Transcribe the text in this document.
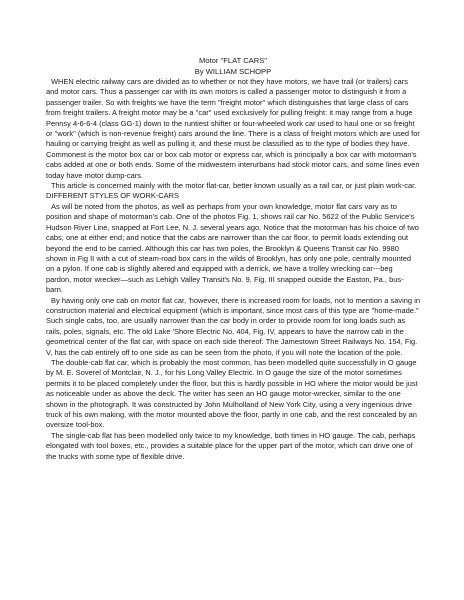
Motor "FLAT CARS"

By WILLIAM SCHOPP

WHEN electric railway cars are divided as to whether or not they have motors, we have trail (or trailers) cars and motor cars. Thus a passenger car with its own motors is called a passenger motor to distinguish it from a passenger trailer. So with freights we have the term "freight motor" which distinguishes that large class of cars from freight trailers. A freight motor may be a "car" used exclusively for pulling freight: it may range from a huge Pennsy 4-6-6-4 (class GG-1) down to the runtiest shifter or four-wheeled work car used to haul one or so freight or "work" (which is non-revenue freight) cars around the line. There is a class of freight motors which are used for hauling or carrying freight as well as pulling it, and these must be classified as to the type of bodies they have. Commonest is the motor box car or box cab motor or express car, which is principally a box car with motorman's cabs added at one or both ends. Some of the midwestern interurbans had stock motor cars, and some lines even today have motor dump-cars.

This article is concerned mainly with the motor flat-car, better known usually as a rail car, or just plain work-car.

DIFFERENT STYLES OF WORK-CARS

As will be noted from the photos, as well as perhaps from your own knowledge, motor flat cars vary as to position and shape of motorman's cab. One of the photos Fig. 1, shows rail car No. 5622 of the Public Service's Hudson River Line, snapped at Fort Lee, N. J. several years ago. Notice that the motorman has his choice of two cabs, one at either end; and notice that the cabs are narrower than the car floor, to permit loads extending out beyond the end to be carried. Although this car has two poles, the Brooklyn & Queens Transit car No. 9980 shown in Fig II with a cut of steam-road box cars in the wilds of Brooklyn, has only one pole, centrally mounted on a pylon. If one cab is slightly altered and equipped with a derrick, we have a trolley wrecking car---beg pardon, motor wrecker—such as Lehigh Valley Transit's No. 9, Fig. III snapped outside the Easton, Pa., bus-barn.

By having only one cab on motor flat car, 'however, there is increased room for loads, not to mention a saving in construction material and electrical equipment (which is important, since most cars of this type are "home-made." Such single cabs, too, are usually narrower than the car body in order to provide room for long loads such as rails, poles, signals, etc. The old Lake 'Shore Electric No. 404, Fig. IV, appears to have the narrow cab in the geometrical center of the flat car, with space on each side thereof. The Jamestown Street Railways No. 154, Fig. V, has the cab entirely off to one side as can be seen from the photo, if you will note the location of the pole.

The double-cab flat car, which is probably the most common, has been modelled quite successfully in O gauge by M. E. Soverel of Montclair, N. J., for his Long Valley Electric. In O gauge the size of the motor sometimes permits it to be placed completely under the floor, but this is hardly possible in HO where the motor would be just as noticeable under as above the deck. The writer has seen an HO gauge motor-wrecker, similar to the one shown in the photograph. It was constructed by John Mulholland of New York City, using a very ingenious drive truck of his own making, with the motor mounted above the floor, partly in one cab, and the rest concealed by an oversize tool-box.

The single-cab flat has been modelled only twice to my knowledge, both times in HO gauge. The cab, perhaps elongated with tool boxes, etc., provides a suitable place for the upper part of the motor, which can drive one of the trucks with some type of flexible drive.
